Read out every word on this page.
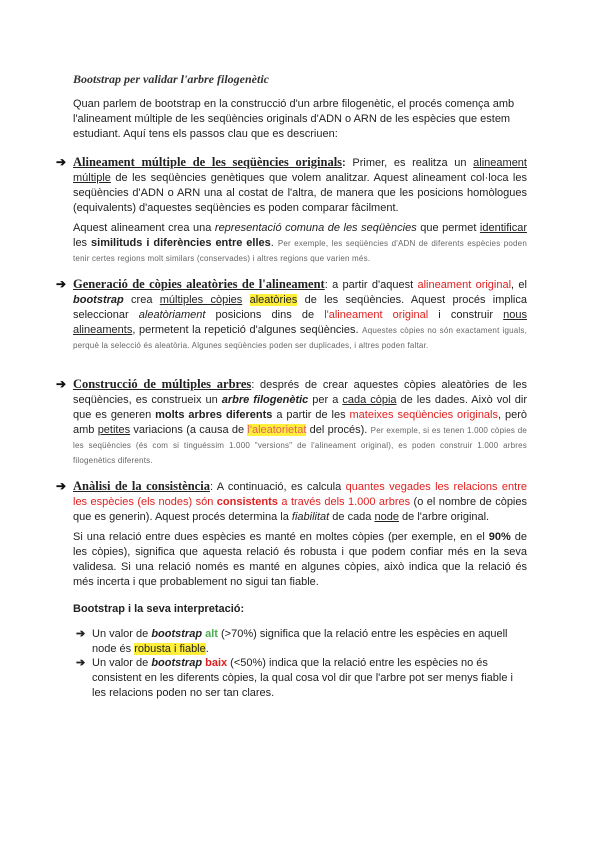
Bootstrap per validar l'arbre filogenètic
Quan parlem de bootstrap en la construcció d'un arbre filogenètic, el procés comença amb l'alineament múltiple de les seqüències originals d'ADN o ARN de les espècies que estem estudiant. Aquí tens els passos clau que es descriuen:
➔ Alineament múltiple de les seqüències originals: Primer, es realitza un alineament múltiple de les seqüències genètiques que volem analitzar. Aquest alineament col·loca les seqüències d'ADN o ARN una al costat de l'altra, de manera que les posicions homòlogues (equivalents) d'aquestes seqüències es poden comparar fàcilment.
Aquest alineament crea una representació comuna de les seqüències que permet identificar les similituds i diferències entre elles. Per exemple, les seqüències d'ADN de diferents espècies poden tenir certes regions molt similars (conservades) i altres regions que varien més.
➔ Generació de còpies aleatòries de l'alineament: a partir d'aquest alineament original, el bootstrap crea múltiples còpies aleatòries de les seqüències. Aquest procés implica seleccionar aleatòriament posicions dins de l'alineament original i construir nous alineaments, permetent la repetició d'algunes seqüències. Aquestes còpies no són exactament iguals, perquè la selecció és aleatòria. Algunes seqüències poden ser duplicades, i altres poden faltar.
➔ Construcció de múltiples arbres: després de crear aquestes còpies aleatòries de les seqüències, es construeix un arbre filogenètic per a cada còpia de les dades. Això vol dir que es generen molts arbres diferents a partir de les mateixes seqüències originals, però amb petites variacions (a causa de l'aleatorietat del procés). Per exemple, si es tenen 1.000 còpies de les seqüències (és com si tinguéssim 1.000 "versions" de l'alineament original), es poden construir 1.000 arbres filogenètics diferents.
➔ Anàlisi de la consistència: A continuació, es calcula quantes vegades les relacions entre les espècies (els nodes) són consistents a través dels 1.000 arbres (o el nombre de còpies que es generin). Aquest procés determina la fiabilitat de cada node de l'arbre original.
Si una relació entre dues espècies es manté en moltes còpies (per exemple, en el 90% de les còpies), significa que aquesta relació és robusta i que podem confiar més en la seva validesa. Si una relació només es manté en algunes còpies, això indica que la relació és més incerta i que probablement no sigui tan fiable.
Bootstrap i la seva interpretació:
➔ Un valor de bootstrap alt (>70%) significa que la relació entre les espècies en aquell node és robusta i fiable.
➔ Un valor de bootstrap baix (<50%) indica que la relació entre les espècies no és consistent en les diferents còpies, la qual cosa vol dir que l'arbre pot ser menys fiable i les relacions poden no ser tan clares.
